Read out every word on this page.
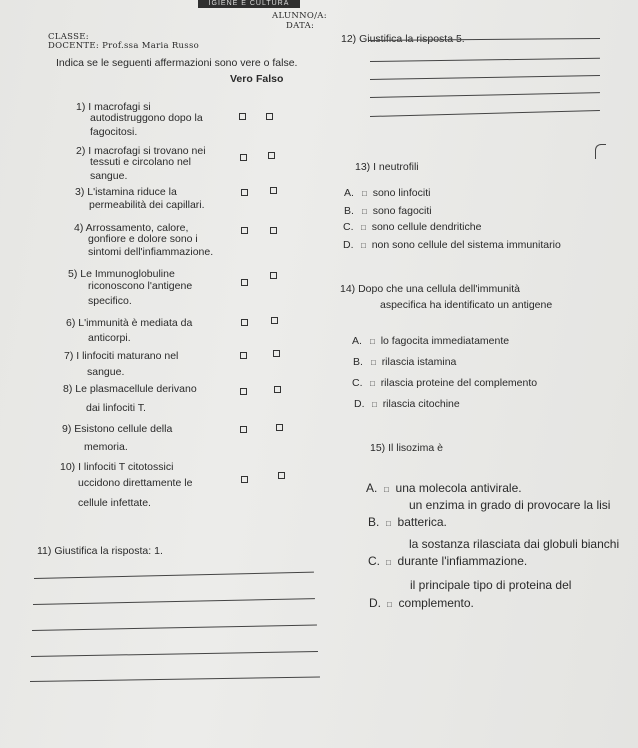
IGIENE E CULTURA
ALUNNO/A:
DATA:
CLASSE:
DOCENTE: Prof.ssa Maria Russo
Indica se le seguenti affermazioni sono vere o false.
Vero Falso
1) I macrofagi si
autodistruggono dopo la
fagocitosi.
2) I macrofagi si trovano nei
tessuti e circolano nel
sangue.
3) L'istamina riduce la
permeabilità dei capillari.
4) Arrossamento, calore,
gonfiore e dolore sono i
sintomi dell'infiammazione.
5) Le Immunoglobuline
riconoscono l'antigene
specifico.
6) L'immunità è mediata da
anticorpi.
7) I linfociti maturano nel
sangue.
8) Le plasmacellule derivano
dai linfociti T.
9) Esistono cellule della
memoria.
10) I linfociti T citotossici
uccidono direttamente le
cellule infettate.
11) Giustifica la risposta: 1.
12) Giustifica la risposta 5.
13) I neutrofili
A. □ sono linfociti
B. □ sono fagociti
C. □ sono cellule dendritiche
D. □ non sono cellule del sistema immunitario
14) Dopo che una cellula dell'immunità
aspecifica ha identificato un antigene
A. □ lo fagocita immediatamente
B. □ rilascia istamina
C. □ rilascia proteine del complemento
D. □ rilascia citochine
15) Il lisozima è
A. □ una molecola antivirale.
un enzima in grado di provocare la lisi
B. □ batterica.
la sostanza rilasciata dai globuli bianchi
C. □ durante l'infiammazione.
il principale tipo di proteina del
D. □ complemento.
